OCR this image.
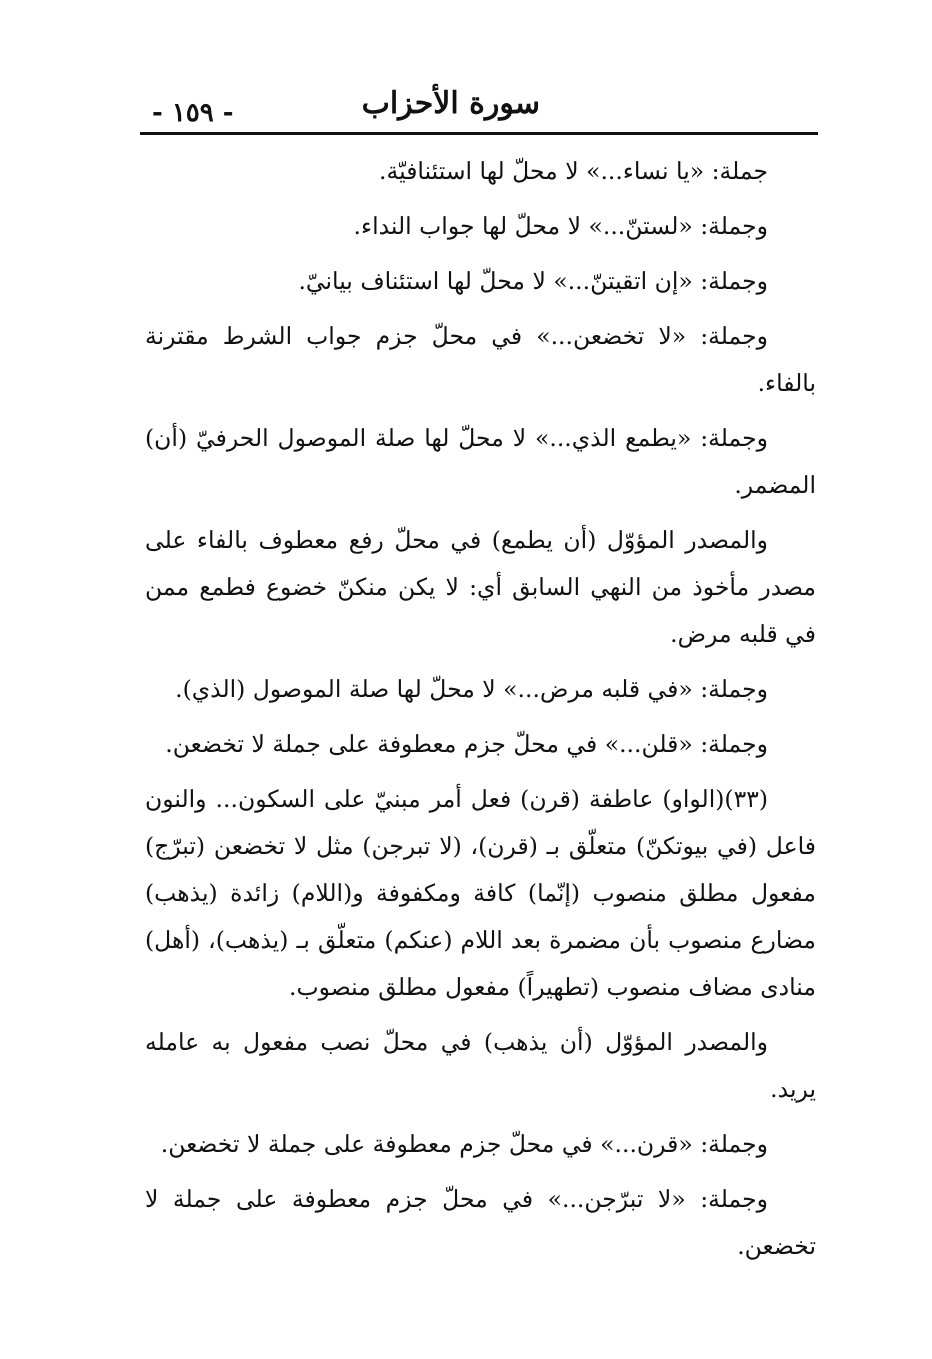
- ١٥٩ -	سورة الأحزاب

جملة: «يا نساء...» لا محلّ لها استئنافيّة.

وجملة: «لستنّ...» لا محلّ لها جواب النداء.

وجملة: «إن اتقيتنّ...» لا محلّ لها استئناف بيانيّ.

وجملة: «لا تخضعن...» في محلّ جزم جواب الشرط مقترنة بالفاء.

وجملة: «يطمع الذي...» لا محلّ لها صلة الموصول الحرفيّ (أن) المضمر.

والمصدر المؤوّل (أن يطمع) في محلّ رفع معطوف بالفاء على مصدر مأخوذ من النهي السابق أي: لا يكن منكنّ خضوع فطمع ممن في قلبه مرض.

وجملة: «في قلبه مرض...» لا محلّ لها صلة الموصول (الذي).

وجملة: «قلن...» في محلّ جزم معطوفة على جملة لا تخضعن.

(٣٣)(الواو) عاطفة (قرن) فعل أمر مبنيّ على السكون... والنون فاعل (في بيوتكنّ) متعلّق بـ (قرن)، (لا تبرجن) مثل لا تخضعن (تبرّج) مفعول مطلق منصوب (إنّما) كافة ومكفوفة و(اللام) زائدة (يذهب) مضارع منصوب بأن مضمرة بعد اللام (عنكم) متعلّق بـ (يذهب)، (أهل) منادى مضاف منصوب (تطهيراً) مفعول مطلق منصوب.

والمصدر المؤوّل (أن يذهب) في محلّ نصب مفعول به عامله يريد.

وجملة: «قرن...» في محلّ جزم معطوفة على جملة لا تخضعن.

وجملة: «لا تبرّجن...» في محلّ جزم معطوفة على جملة لا تخضعن.
